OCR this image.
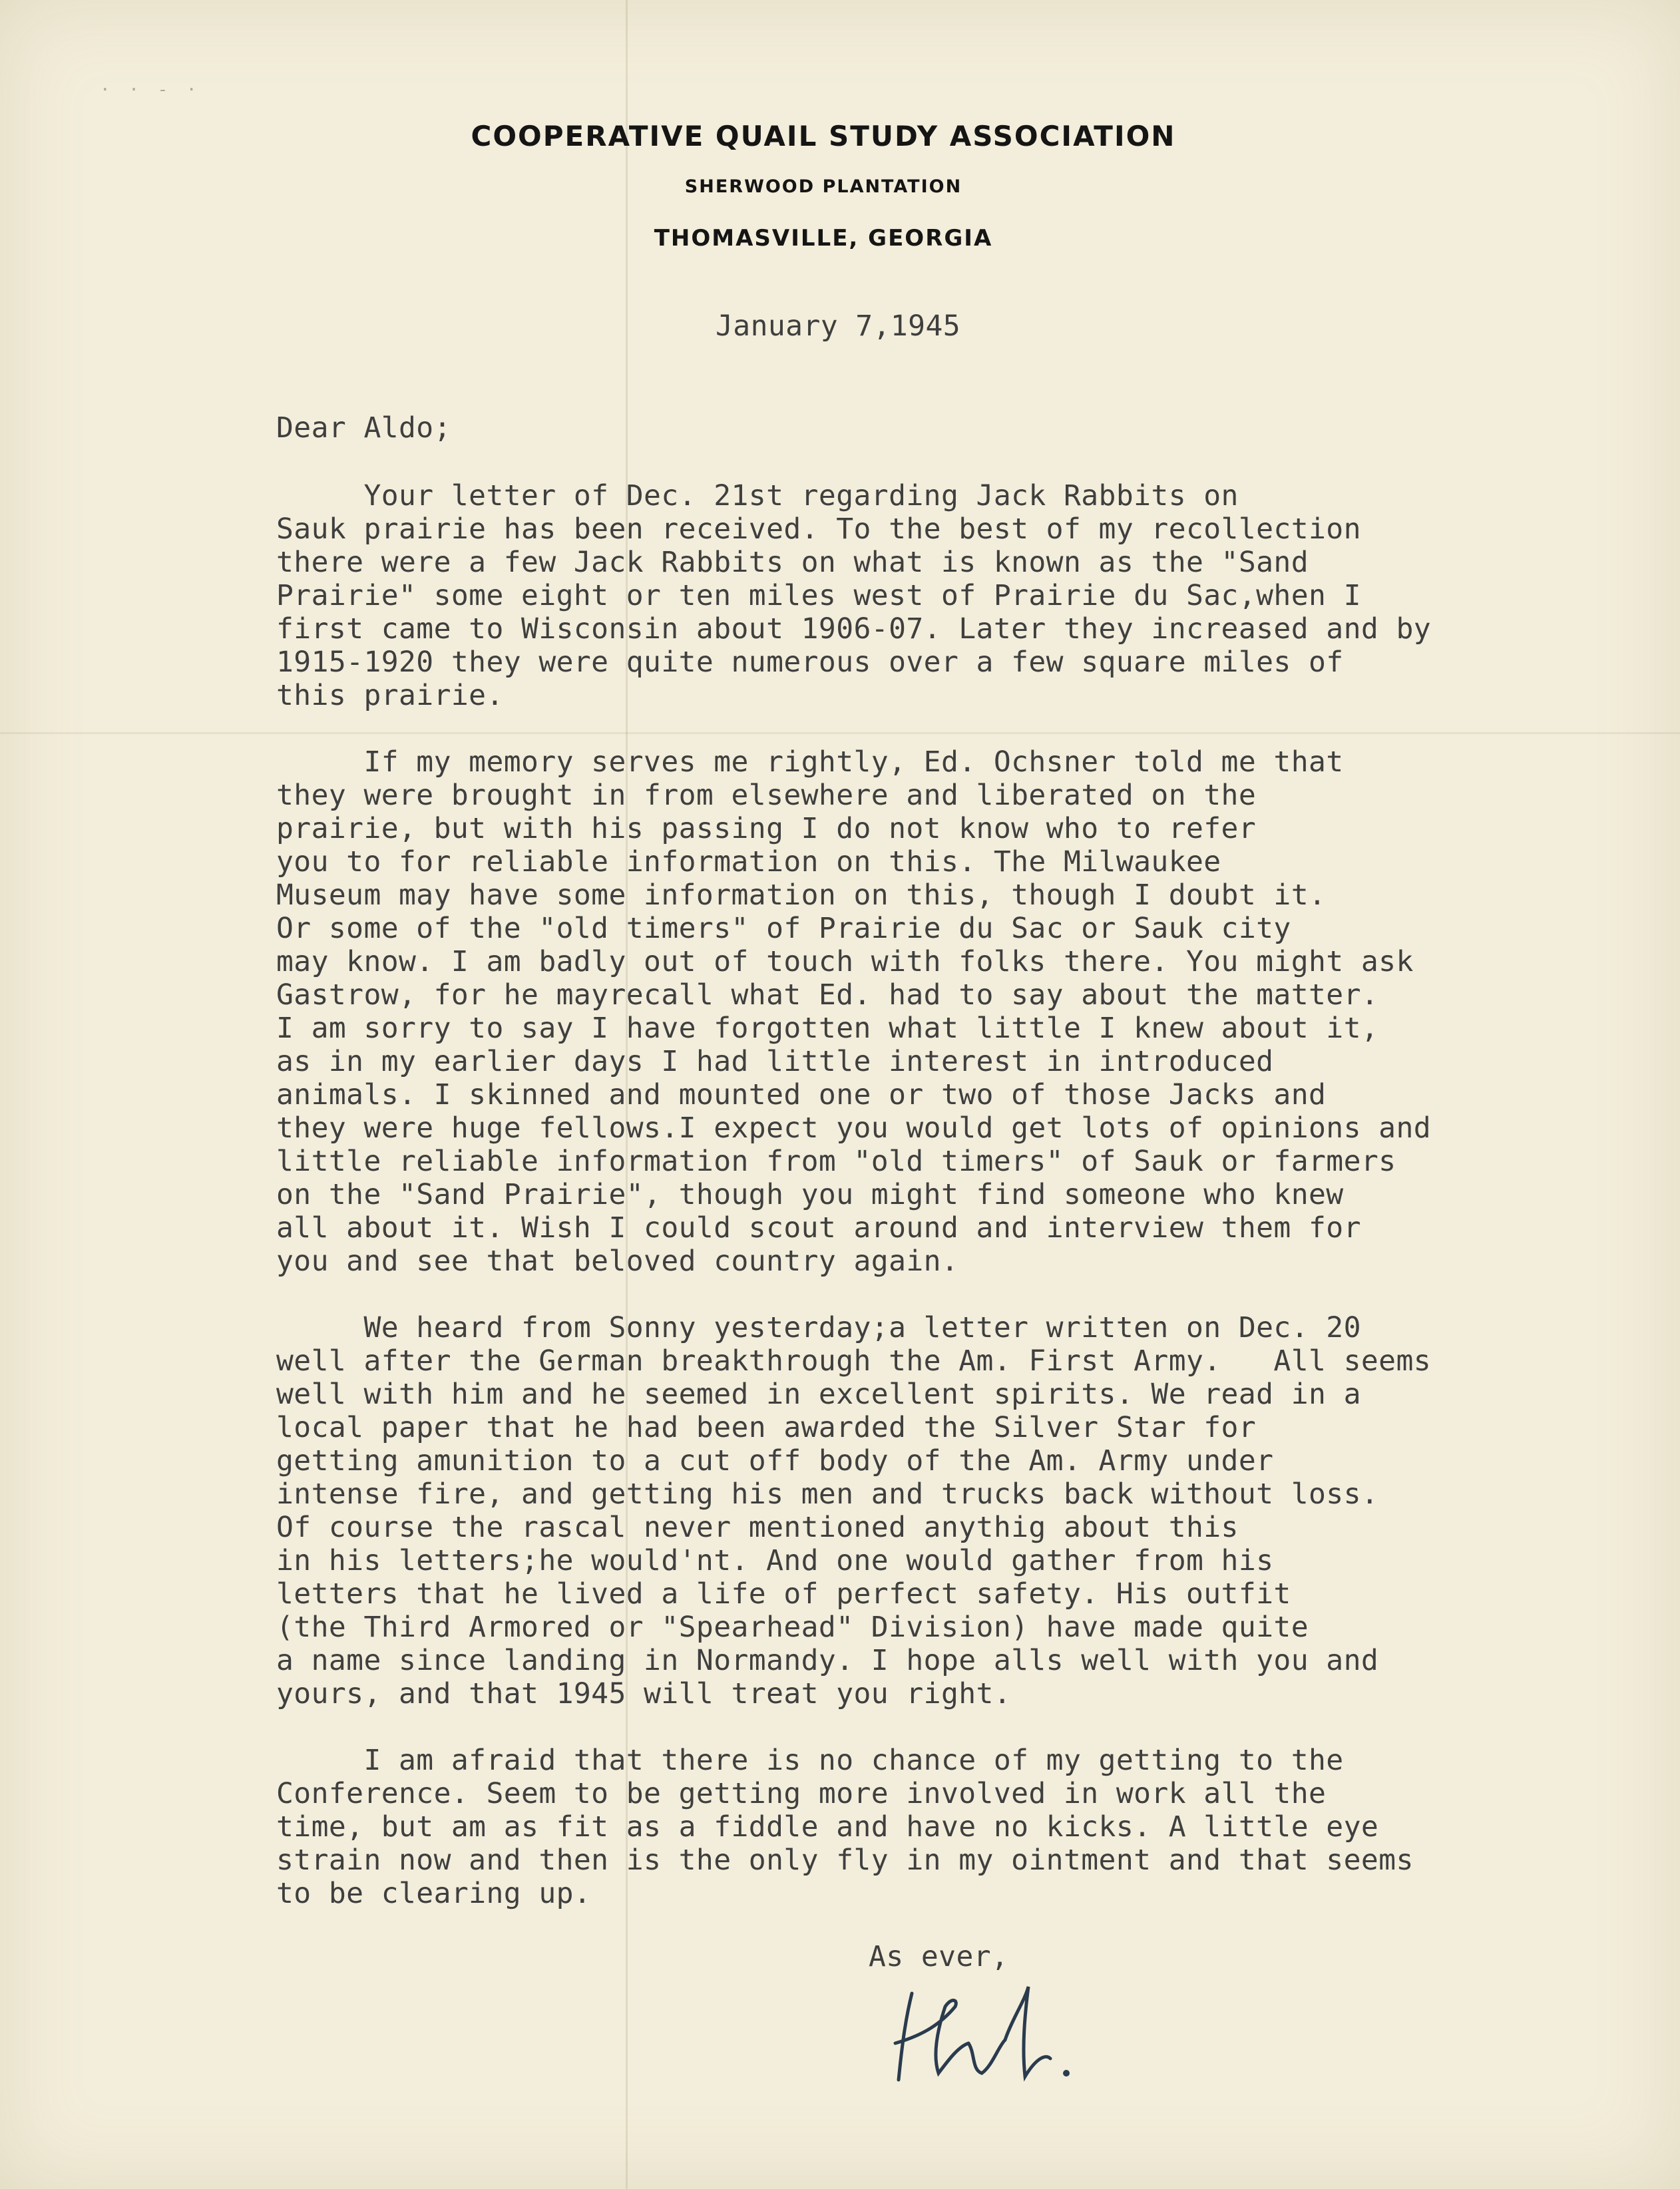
· · - ·
COOPERATIVE QUAIL STUDY ASSOCIATION
SHERWOOD PLANTATION
THOMASVILLE, GEORGIA
January 7,1945
Dear Aldo;
Your letter of Dec. 21st regarding Jack Rabbits on
Sauk prairie has been received. To the best of my recollection
there were a few Jack Rabbits on what is known as the "Sand
Prairie" some eight or ten miles west of Prairie du Sac,when I
first came to Wisconsin about 1906-07. Later they increased and by
1915-1920 they were quite numerous over a few square miles of
this prairie.
If my memory serves me rightly, Ed. Ochsner told me that
they were brought in from elsewhere and liberated on the
prairie, but with his passing I do not know who to refer
you to for reliable information on this. The Milwaukee
Museum may have some information on this, though I doubt it.
Or some of the "old timers" of Prairie du Sac or Sauk city
may know. I am badly out of touch with folks there. You might ask
Gastrow, for he mayrecall what Ed. had to say about the matter.
I am sorry to say I have forgotten what little I knew about it,
as in my earlier days I had little interest in introduced
animals. I skinned and mounted one or two of those Jacks and
they were huge fellows.I expect you would get lots of opinions and
little reliable information from "old timers" of Sauk or farmers
on the "Sand Prairie", though you might find someone who knew
all about it. Wish I could scout around and interview them for
you and see that beloved country again.
We heard from Sonny yesterday;a letter written on Dec. 20
well after the German breakthrough the Am. First Army.   All seems
well with him and he seemed in excellent spirits. We read in a
local paper that he had been awarded the Silver Star for
getting amunition to a cut off body of the Am. Army under
intense fire, and getting his men and trucks back without loss.
Of course the rascal never mentioned anythig about this
in his letters;he would'nt. And one would gather from his
letters that he lived a life of perfect safety. His outfit
(the Third Armored or "Spearhead" Division) have made quite
a name since landing in Normandy. I hope alls well with you and
yours, and that 1945 will treat you right.
I am afraid that there is no chance of my getting to the
Conference. Seem to be getting more involved in work all the
time, but am as fit as a fiddle and have no kicks. A little eye
strain now and then is the only fly in my ointment and that seems
to be clearing up.
As ever,
